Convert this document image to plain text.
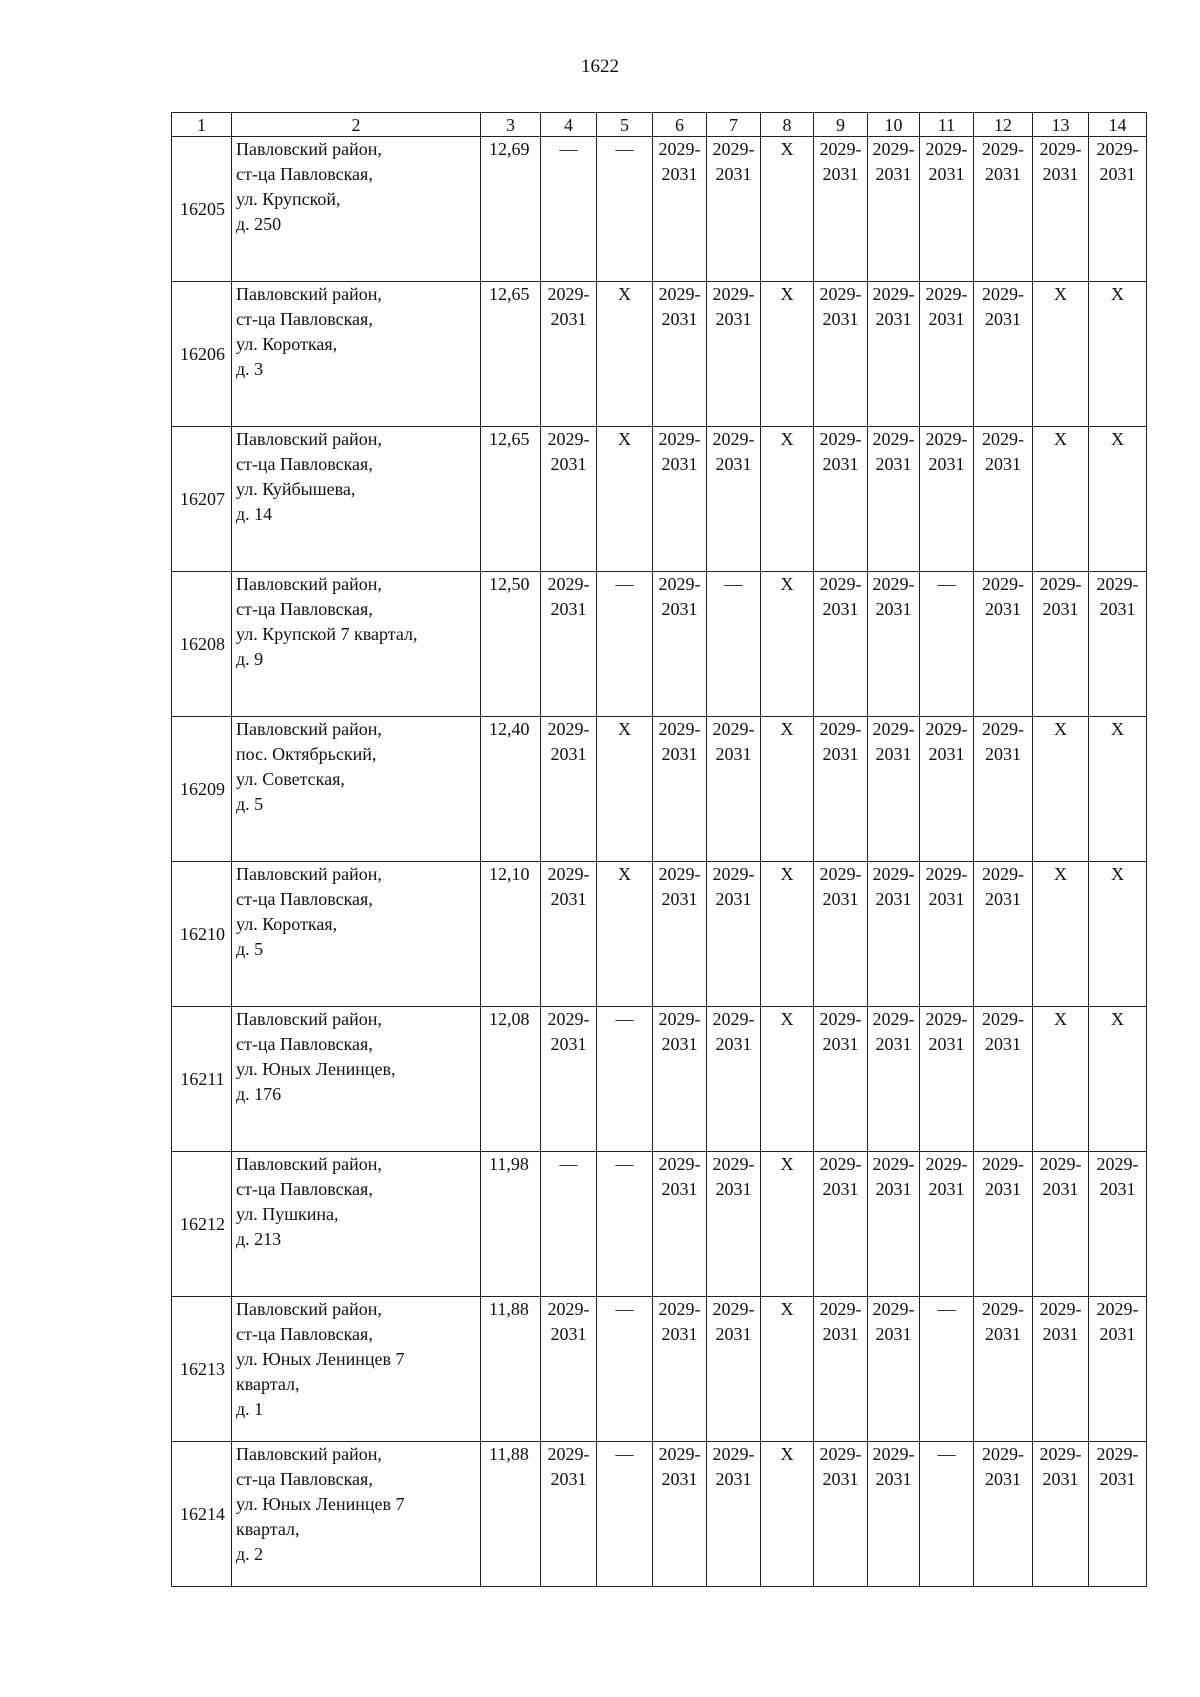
1622
1	2	3	4	5	6	7	8	9	10	11	12	13	14
16205	Павловский район,
ст-ца Павловская,
ул. Крупской,
д. 250	12,69	—	—	2029-
2031	2029-
2031	X	2029-
2031	2029-
2031	2029-
2031	2029-
2031	2029-
2031	2029-
2031
16206	Павловский район,
ст-ца Павловская,
ул. Короткая,
д. 3	12,65	2029-
2031	X	2029-
2031	2029-
2031	X	2029-
2031	2029-
2031	2029-
2031	2029-
2031	X	X
16207	Павловский район,
ст-ца Павловская,
ул. Куйбышева,
д. 14	12,65	2029-
2031	X	2029-
2031	2029-
2031	X	2029-
2031	2029-
2031	2029-
2031	2029-
2031	X	X
16208	Павловский район,
ст-ца Павловская,
ул. Крупской 7 квартал,
д. 9	12,50	2029-
2031	—	2029-
2031	—	X	2029-
2031	2029-
2031	—	2029-
2031	2029-
2031	2029-
2031
16209	Павловский район,
пос. Октябрьский,
ул. Советская,
д. 5	12,40	2029-
2031	X	2029-
2031	2029-
2031	X	2029-
2031	2029-
2031	2029-
2031	2029-
2031	X	X
16210	Павловский район,
ст-ца Павловская,
ул. Короткая,
д. 5	12,10	2029-
2031	X	2029-
2031	2029-
2031	X	2029-
2031	2029-
2031	2029-
2031	2029-
2031	X	X
16211	Павловский район,
ст-ца Павловская,
ул. Юных Ленинцев,
д. 176	12,08	2029-
2031	—	2029-
2031	2029-
2031	X	2029-
2031	2029-
2031	2029-
2031	2029-
2031	X	X
16212	Павловский район,
ст-ца Павловская,
ул. Пушкина,
д. 213	11,98	—	—	2029-
2031	2029-
2031	X	2029-
2031	2029-
2031	2029-
2031	2029-
2031	2029-
2031	2029-
2031
16213	Павловский район,
ст-ца Павловская,
ул. Юных Ленинцев 7
квартал,
д. 1	11,88	2029-
2031	—	2029-
2031	2029-
2031	X	2029-
2031	2029-
2031	—	2029-
2031	2029-
2031	2029-
2031
16214	Павловский район,
ст-ца Павловская,
ул. Юных Ленинцев 7
квартал,
д. 2	11,88	2029-
2031	—	2029-
2031	2029-
2031	X	2029-
2031	2029-
2031	—	2029-
2031	2029-
2031	2029-
2031
